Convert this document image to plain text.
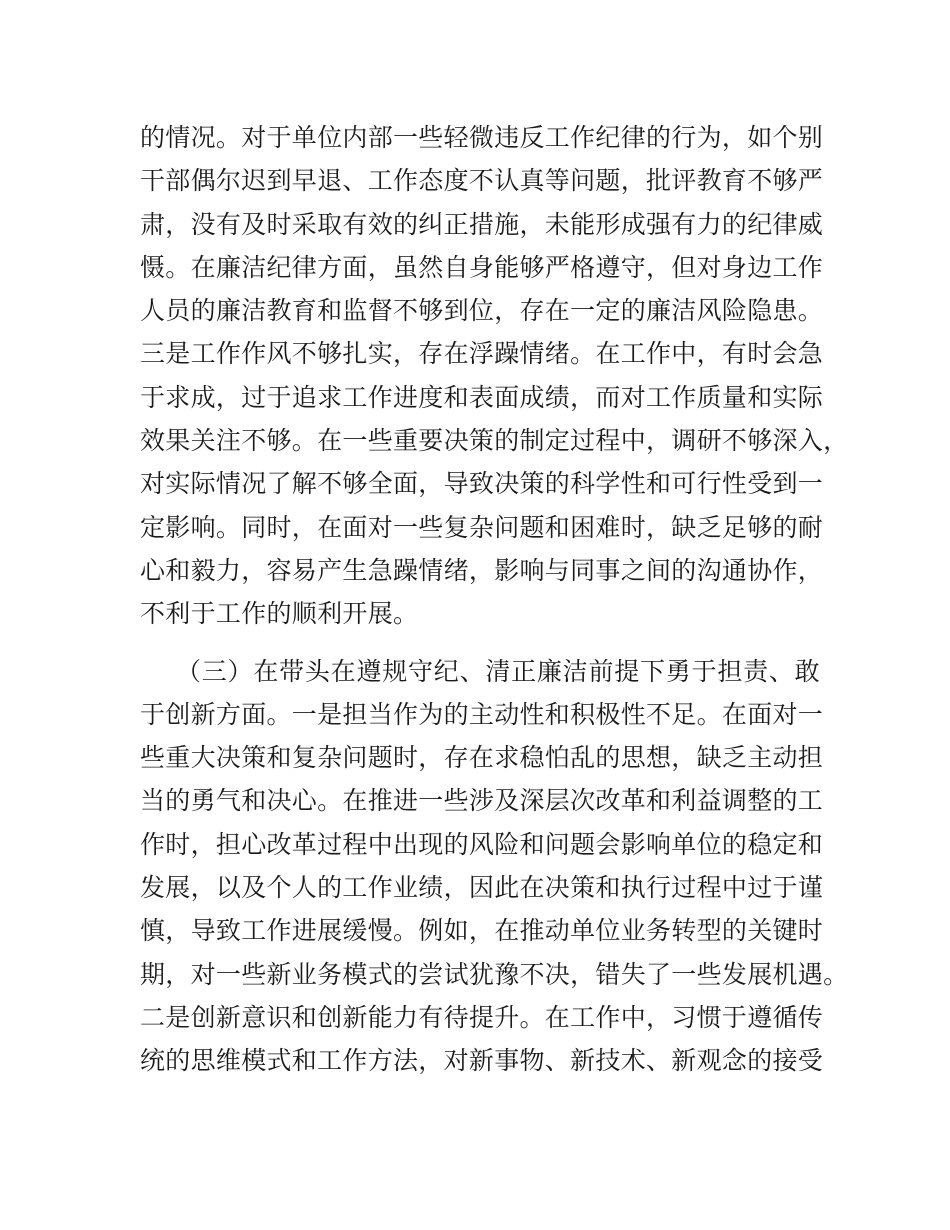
的情况。对于单位内部一些轻微违反工作纪律的行为，如个别
干部偶尔迟到早退、工作态度不认真等问题，批评教育不够严
肃，没有及时采取有效的纠正措施，未能形成强有力的纪律威
慑。在廉洁纪律方面，虽然自身能够严格遵守，但对身边工作
人员的廉洁教育和监督不够到位，存在一定的廉洁风险隐患。
三是工作作风不够扎实，存在浮躁情绪。在工作中，有时会急
于求成，过于追求工作进度和表面成绩，而对工作质量和实际
效果关注不够。在一些重要决策的制定过程中，调研不够深入，
对实际情况了解不够全面，导致决策的科学性和可行性受到一
定影响。同时，在面对一些复杂问题和困难时，缺乏足够的耐
心和毅力，容易产生急躁情绪，影响与同事之间的沟通协作，
不利于工作的顺利开展。
（三）在带头在遵规守纪、清正廉洁前提下勇于担责、敢
于创新方面。一是担当作为的主动性和积极性不足。在面对一
些重大决策和复杂问题时，存在求稳怕乱的思想，缺乏主动担
当的勇气和决心。在推进一些涉及深层次改革和利益调整的工
作时，担心改革过程中出现的风险和问题会影响单位的稳定和
发展，以及个人的工作业绩，因此在决策和执行过程中过于谨
慎，导致工作进展缓慢。例如，在推动单位业务转型的关键时
期，对一些新业务模式的尝试犹豫不决，错失了一些发展机遇。
二是创新意识和创新能力有待提升。在工作中，习惯于遵循传
统的思维模式和工作方法，对新事物、新技术、新观念的接受
